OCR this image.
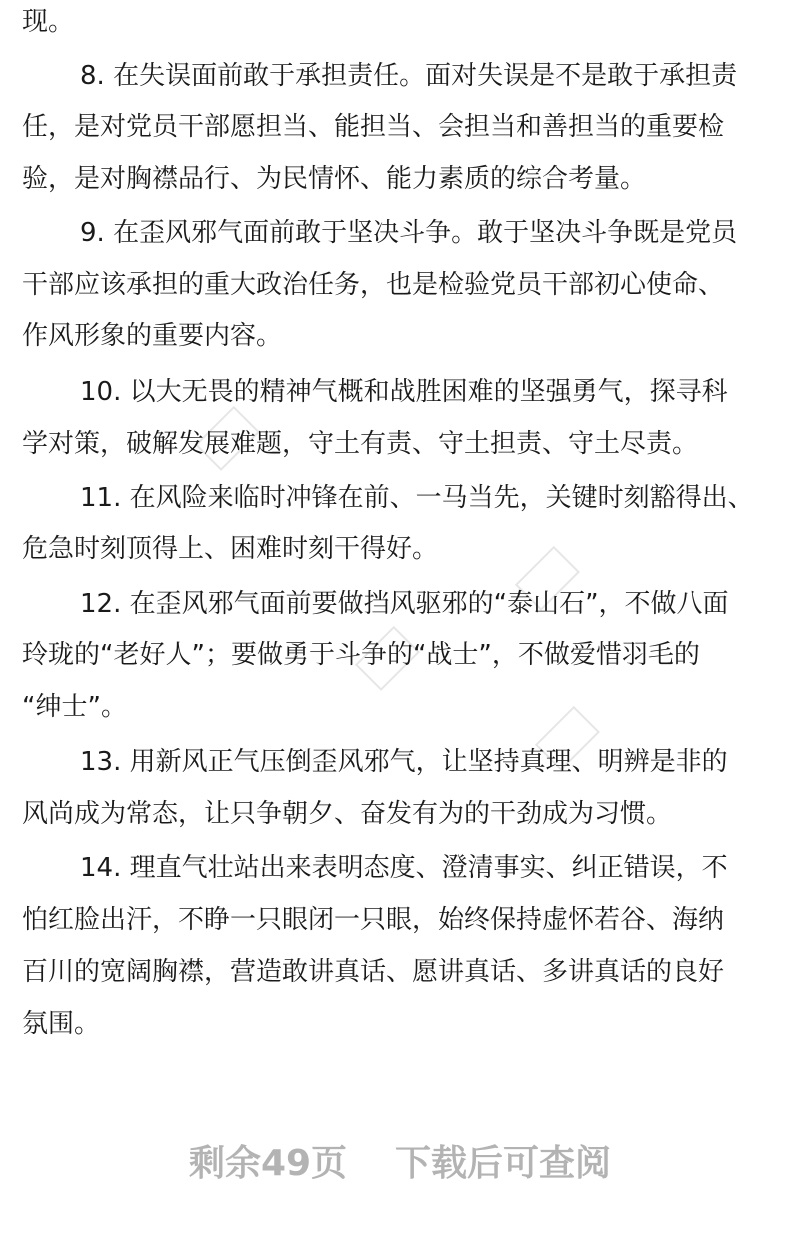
现。
8. 在失误面前敢于承担责任。面对失误是不是敢于承担责
任，是对党员干部愿担当、能担当、会担当和善担当的重要检
验，是对胸襟品行、为民情怀、能力素质的综合考量。
9. 在歪风邪气面前敢于坚决斗争。敢于坚决斗争既是党员
干部应该承担的重大政治任务，也是检验党员干部初心使命、
作风形象的重要内容。
10. 以大无畏的精神气概和战胜困难的坚强勇气，探寻科
学对策，破解发展难题，守土有责、守土担责、守土尽责。
11. 在风险来临时冲锋在前、一马当先，关键时刻豁得出、
危急时刻顶得上、困难时刻干得好。
12. 在歪风邪气面前要做挡风驱邪的“泰山石”，不做八面
玲珑的“老好人”；要做勇于斗争的“战士”，不做爱惜羽毛的
“绅士”。
13. 用新风正气压倒歪风邪气，让坚持真理、明辨是非的
风尚成为常态，让只争朝夕、奋发有为的干劲成为习惯。
14. 理直气壮站出来表明态度、澄清事实、纠正错误，不
怕红脸出汗，不睁一只眼闭一只眼，始终保持虚怀若谷、海纳
百川的宽阔胸襟，营造敢讲真话、愿讲真话、多讲真话的良好
氛围。
剩余49页 下载后可查阅
